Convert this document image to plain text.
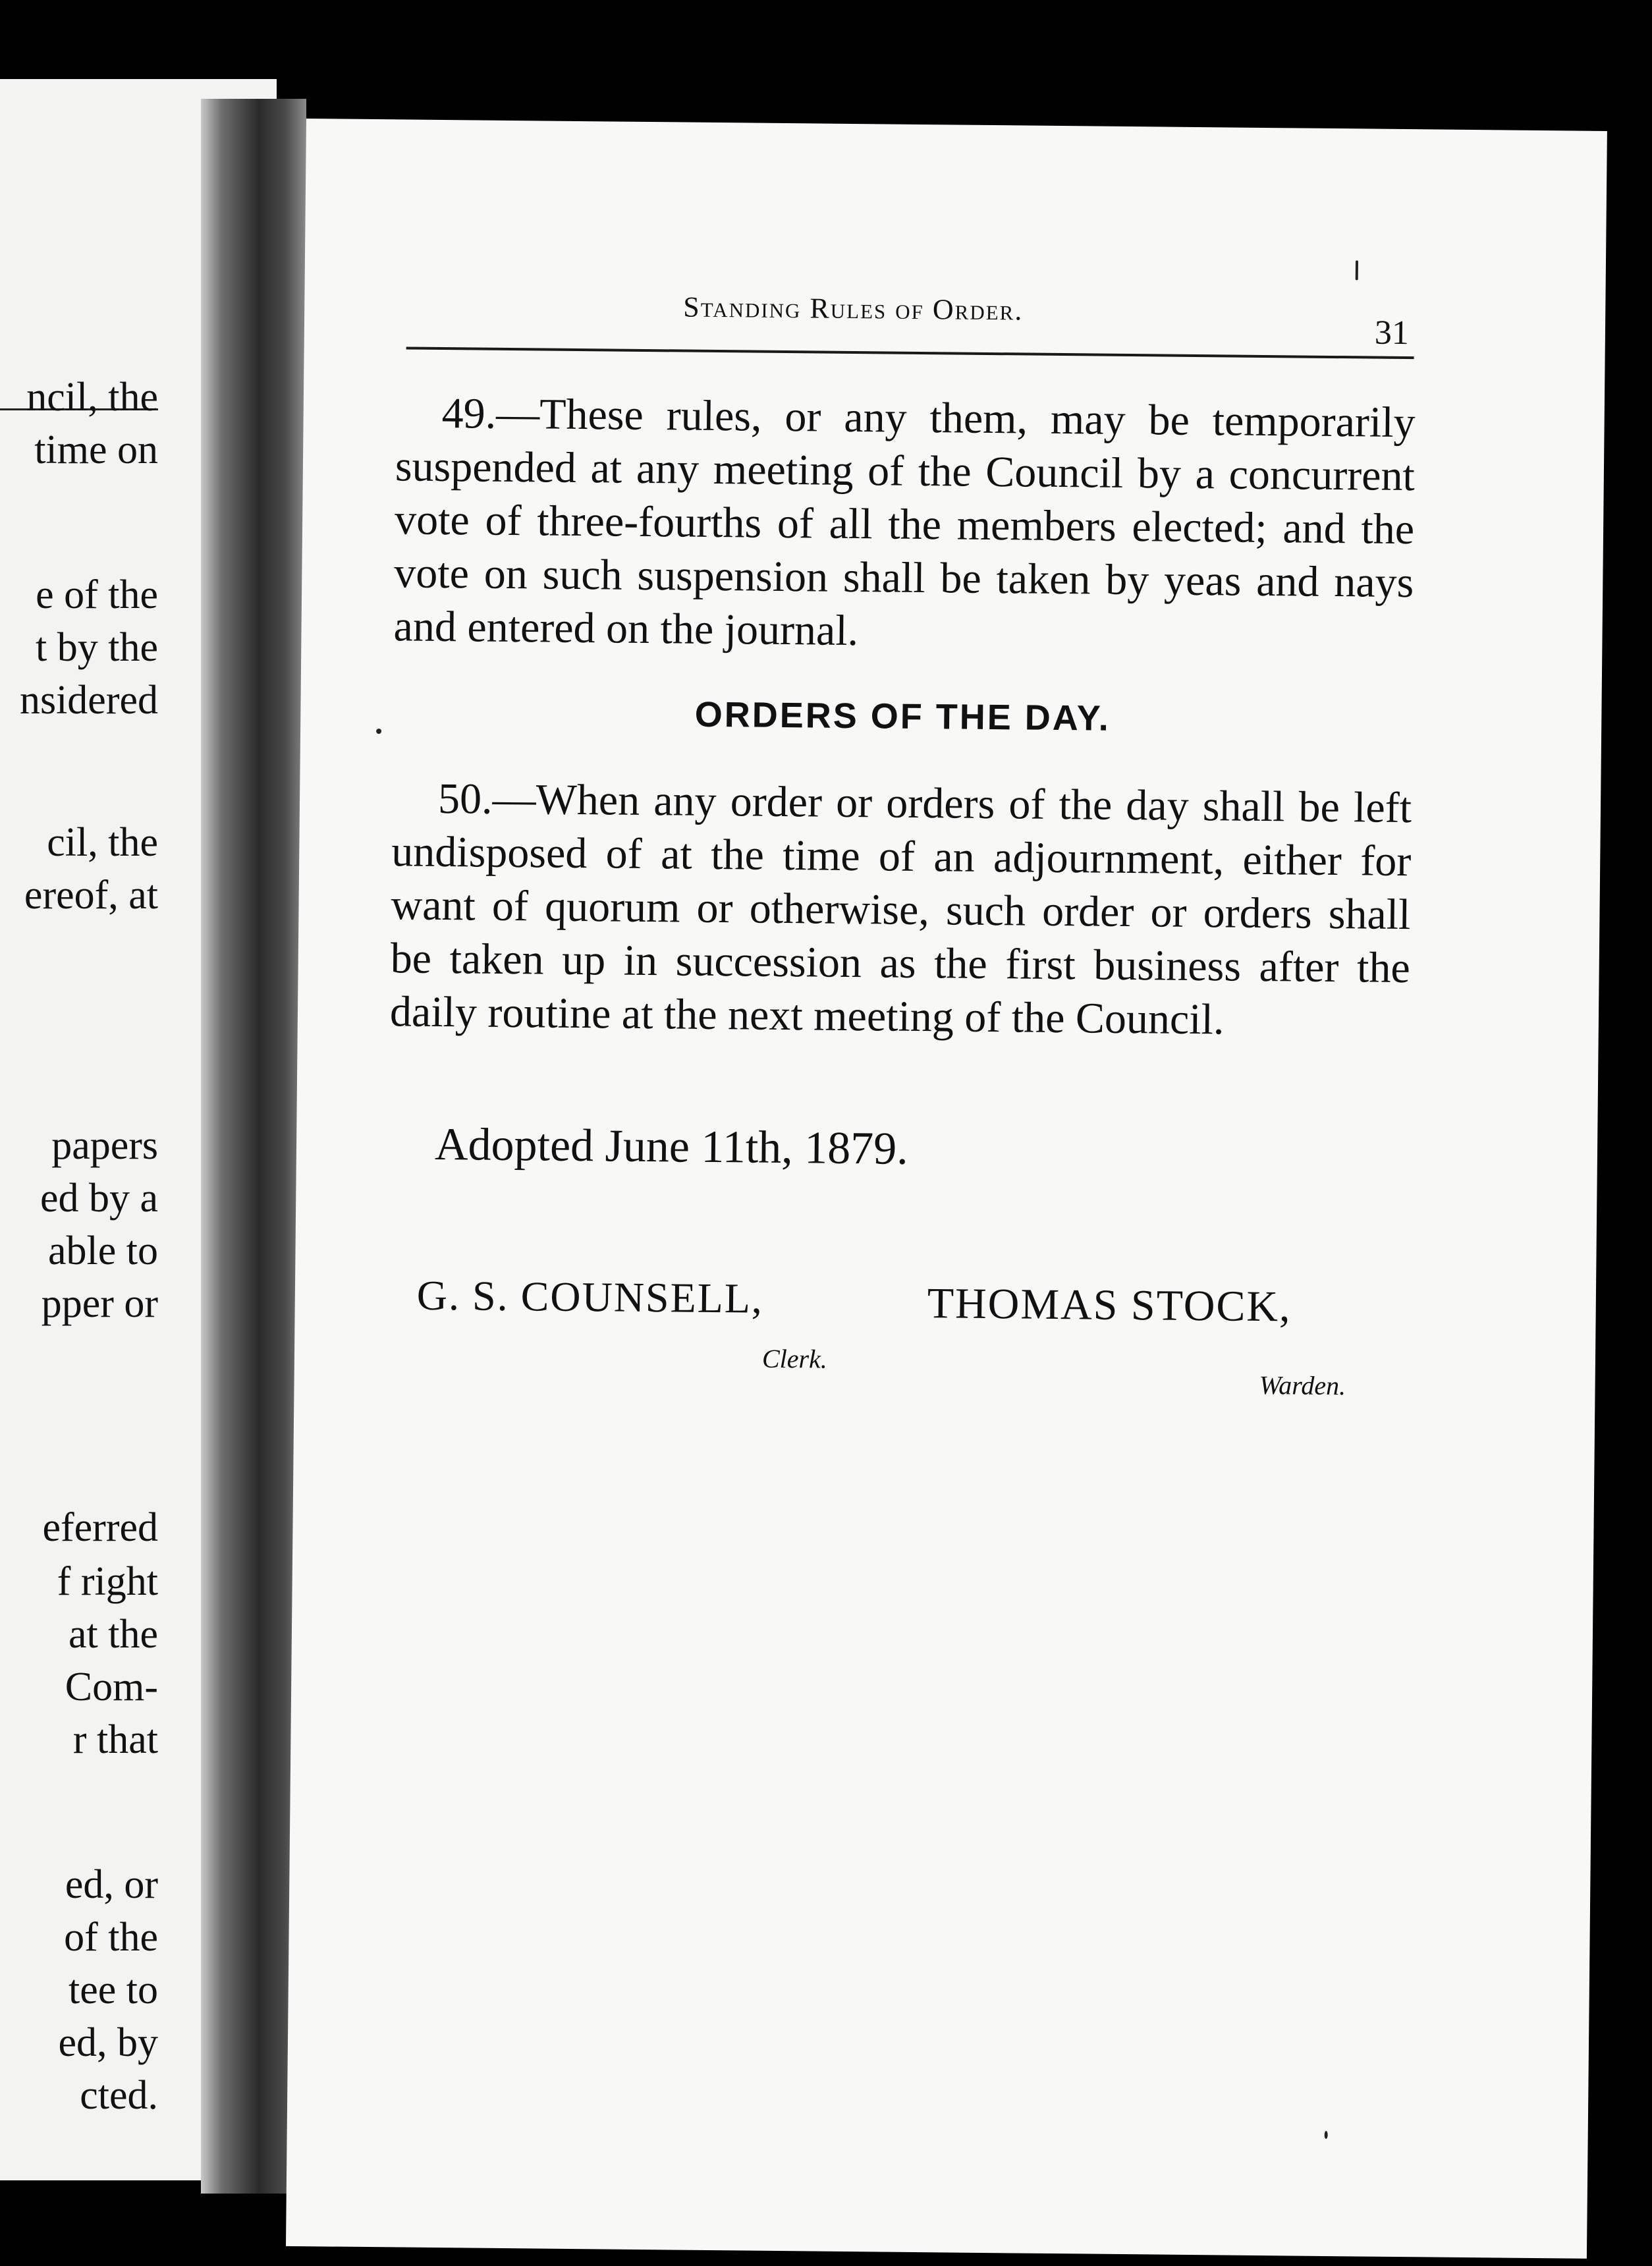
ncil, the
time on
e of the
t by the
nsidered
cil, the
ereof, at
papers
ed by a
able to
pper or
eferred
f right
at the
Com-
r that
ed, or
of the
tee to
ed, by
cted.
Standing Rules of Order.
31
49.—These rules, or any them, may be temporarily suspended at any meeting of the Council by a concurrent vote of three-fourths of all the members elected; and the vote on such suspension shall be taken by yeas and nays and entered on the journal.
ORDERS OF THE DAY.
50.—When any order or orders of the day shall be left undisposed of at the time of an adjournment, either for want of quorum or otherwise, such order or orders shall be taken up in succession as the first business after the daily routine at the next meeting of the Council.
Adopted June 11th, 1879.
G. S. COUNSELL,
Clerk.
THOMAS STOCK,
Warden.
